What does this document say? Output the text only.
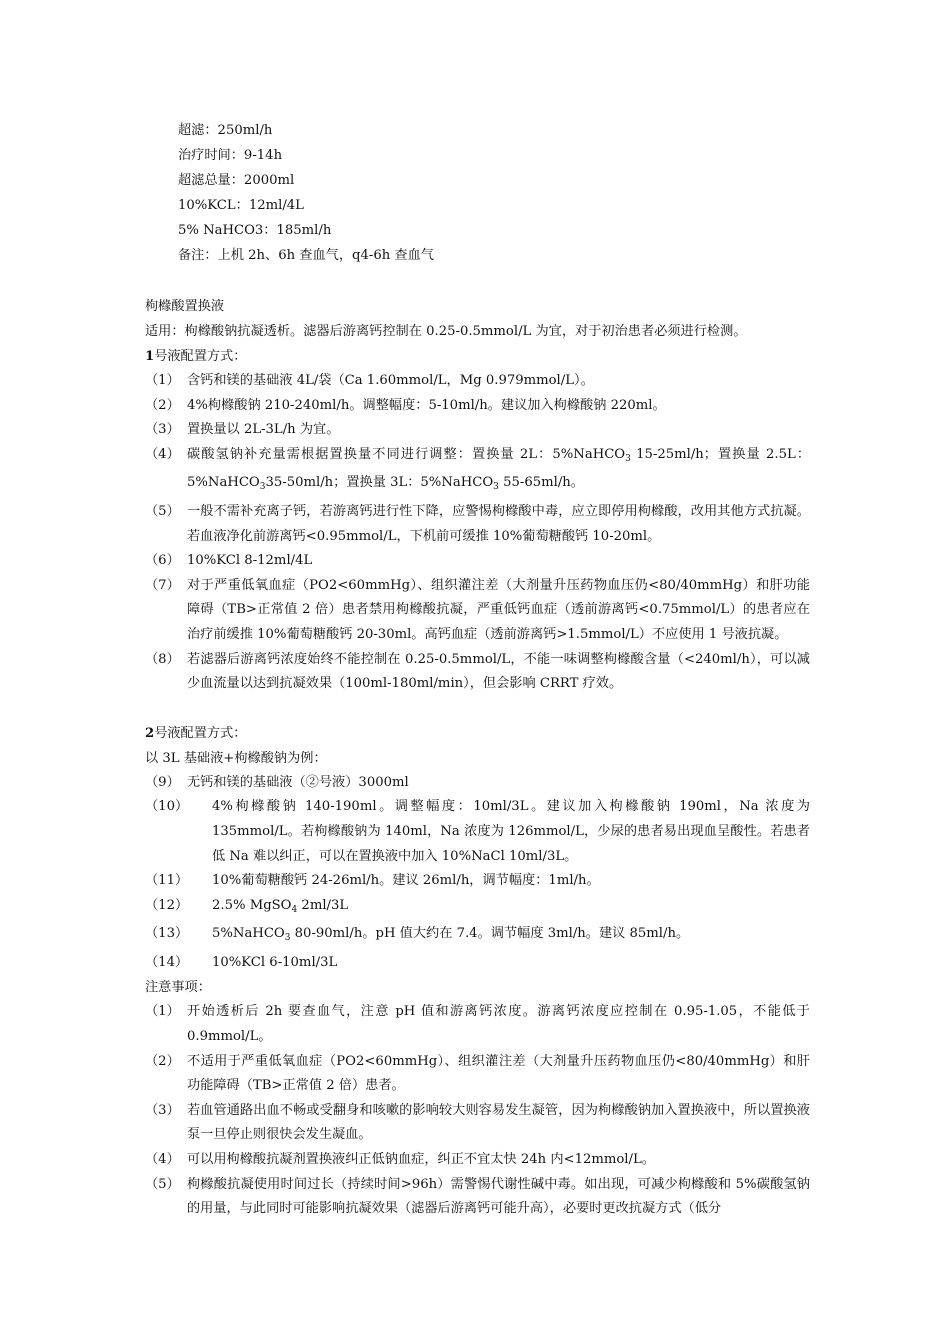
超滤：250ml/h
治疗时间：9-14h
超滤总量：2000ml
10%KCL：12ml/4L
5% NaHCO3：185ml/h
备注：上机 2h、6h 查血气，q4-6h 查血气
枸橼酸置换液
适用：枸橼酸钠抗凝透析。滤器后游离钙控制在 0.25-0.5mmol/L 为宜，对于初治患者必须进行检测。
1号液配置方式：
（1） 含钙和镁的基础液 4L/袋（Ca 1.60mmol/L，Mg 0.979mmol/L）。
（2） 4%枸橼酸钠 210-240ml/h。调整幅度：5-10ml/h。建议加入枸橼酸钠 220ml。
（3） 置换量以 2L-3L/h 为宜。
（4） 碳酸氢钠补充量需根据置换量不同进行调整：置换量 2L：5%NaHCO$_3$ 15-25ml/h；置换量 2.5L：5%NaHCO$_3$35-50ml/h；置换量 3L：5%NaHCO$_3$ 55-65ml/h。
（5） 一般不需补充离子钙，若游离钙进行性下降，应警惕枸橼酸中毒，应立即停用枸橼酸，改用其他方式抗凝。若血液净化前游离钙<0.95mmol/L，下机前可缓推 10%葡萄糖酸钙 10-20ml。
（6） 10%KCl 8-12ml/4L
（7） 对于严重低氧血症（PO2<60mmHg）、组织灌注差（大剂量升压药物血压仍<80/40mmHg）和肝功能障碍（TB>正常值 2 倍）患者禁用枸橼酸抗凝，严重低钙血症（透前游离钙<0.75mmol/L）的患者应在治疗前缓推 10%葡萄糖酸钙 20-30ml。高钙血症（透前游离钙>1.5mmol/L）不应使用 1 号液抗凝。
（8） 若滤器后游离钙浓度始终不能控制在 0.25-0.5mmol/L，不能一味调整枸橼酸含量（<240ml/h），可以减少血流量以达到抗凝效果（100ml-180ml/min），但会影响 CRRT 疗效。
2号液配置方式：
以 3L 基础液+枸橼酸钠为例：
（9） 无钙和镁的基础液（②号液）3000ml
（10）	4%枸橼酸钠 140-190ml。调整幅度：10ml/3L。建议加入枸橼酸钠 190ml，Na 浓度为 135mmol/L。若枸橼酸钠为 140ml，Na 浓度为 126mmol/L，少尿的患者易出现血呈酸性。若患者低 Na 难以纠正，可以在置换液中加入 10%NaCl 10ml/3L。
（11）	10%葡萄糖酸钙 24-26ml/h。建议 26ml/h，调节幅度：1ml/h。
（12）	2.5% MgSO$_4$ 2ml/3L
（13）	5%NaHCO$_3$ 80-90ml/h。pH 值大约在 7.4。调节幅度 3ml/h。建议 85ml/h。
（14）	10%KCl 6-10ml/3L
注意事项：
（1） 开始透析后 2h 要查血气，注意 pH 值和游离钙浓度。游离钙浓度应控制在 0.95-1.05，不能低于 0.9mmol/L。
（2） 不适用于严重低氧血症（PO2<60mmHg）、组织灌注差（大剂量升压药物血压仍<80/40mmHg）和肝功能障碍（TB>正常值 2 倍）患者。
（3） 若血管通路出血不畅或受翻身和咳嗽的影响较大则容易发生凝管，因为枸橼酸钠加入置换液中，所以置换液泵一旦停止则很快会发生凝血。
（4） 可以用枸橼酸抗凝剂置换液纠正低钠血症，纠正不宜太快 24h 内<12mmol/L。
（5） 枸橼酸抗凝使用时间过长（持续时间>96h）需警惕代谢性碱中毒。如出现，可减少枸橼酸和 5%碳酸氢钠的用量，与此同时可能影响抗凝效果（滤器后游离钙可能升高），必要时更改抗凝方式（低分
